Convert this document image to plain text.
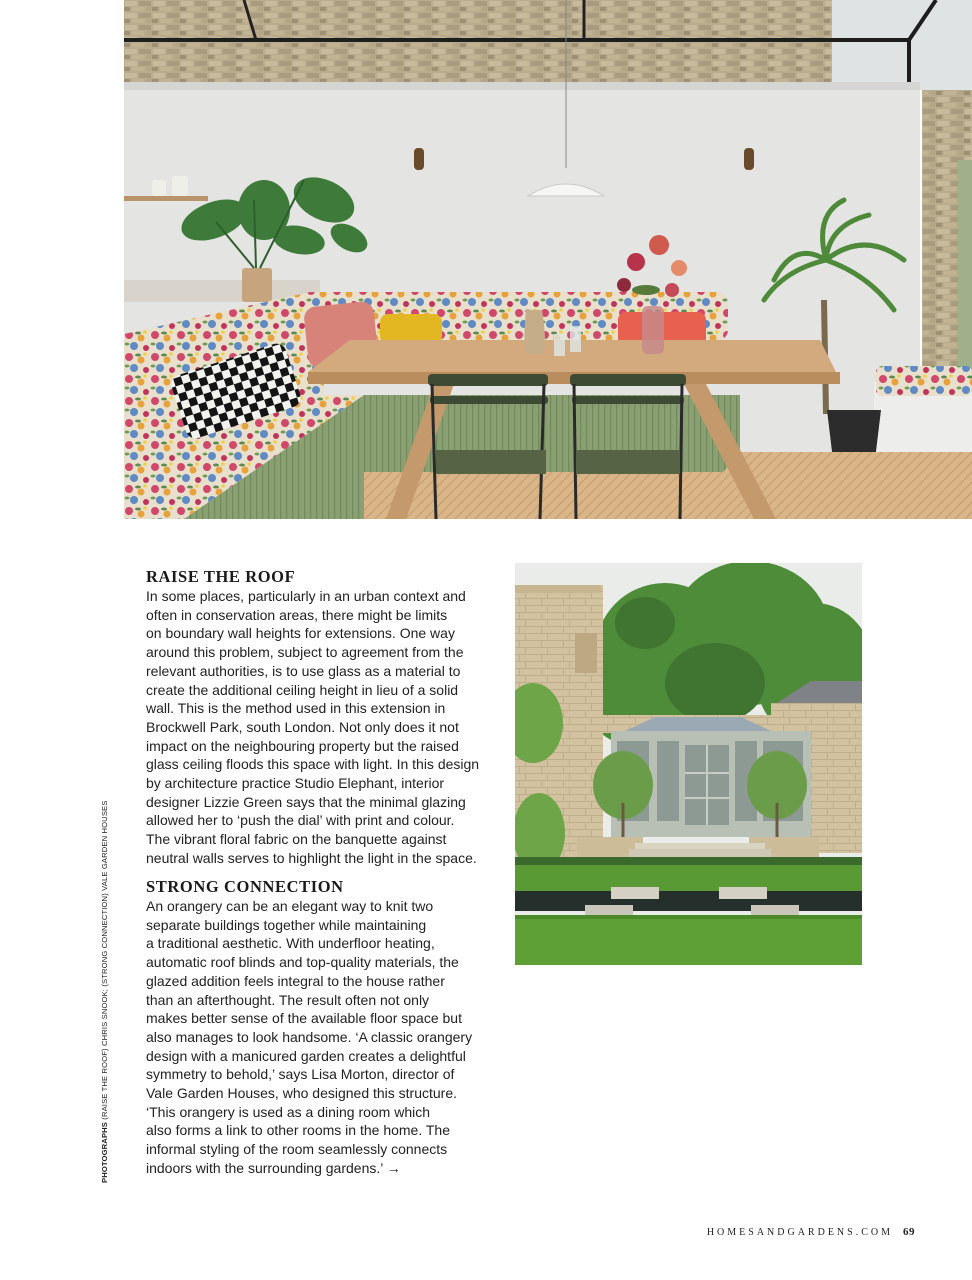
PHOTOGRAPHS (RAISE THE ROOF) CHRIS SNOOK; (STRONG CONNECTION) VALE GARDEN HOUSES
RAISE THE ROOF
In some places, particularly in an urban context and
often in conservation areas, there might be limits
on boundary wall heights for extensions. One way
around this problem, subject to agreement from the
relevant authorities, is to use glass as a material to
create the additional ceiling height in lieu of a solid
wall. This is the method used in this extension in
Brockwell Park, south London. Not only does it not
impact on the neighbouring property but the raised
glass ceiling floods this space with light. In this design
by architecture practice Studio Elephant, interior
designer Lizzie Green says that the minimal glazing
allowed her to ‘push the dial’ with print and colour.
The vibrant floral fabric on the banquette against
neutral walls serves to highlight the light in the space.
STRONG CONNECTION
An orangery can be an elegant way to knit two
separate buildings together while maintaining
a traditional aesthetic. With underfloor heating,
automatic roof blinds and top-quality materials, the
glazed addition feels integral to the house rather
than an afterthought. The result often not only
makes better sense of the available floor space but
also manages to look handsome. ‘A classic orangery
design with a manicured garden creates a delightful
symmetry to behold,’ says Lisa Morton, director of
Vale Garden Houses, who designed this structure.
‘This orangery is used as a dining room which
also forms a link to other rooms in the home. The
informal styling of the room seamlessly connects
indoors with the surrounding gardens.’ →
HOMESANDGARDENS.COM 69
